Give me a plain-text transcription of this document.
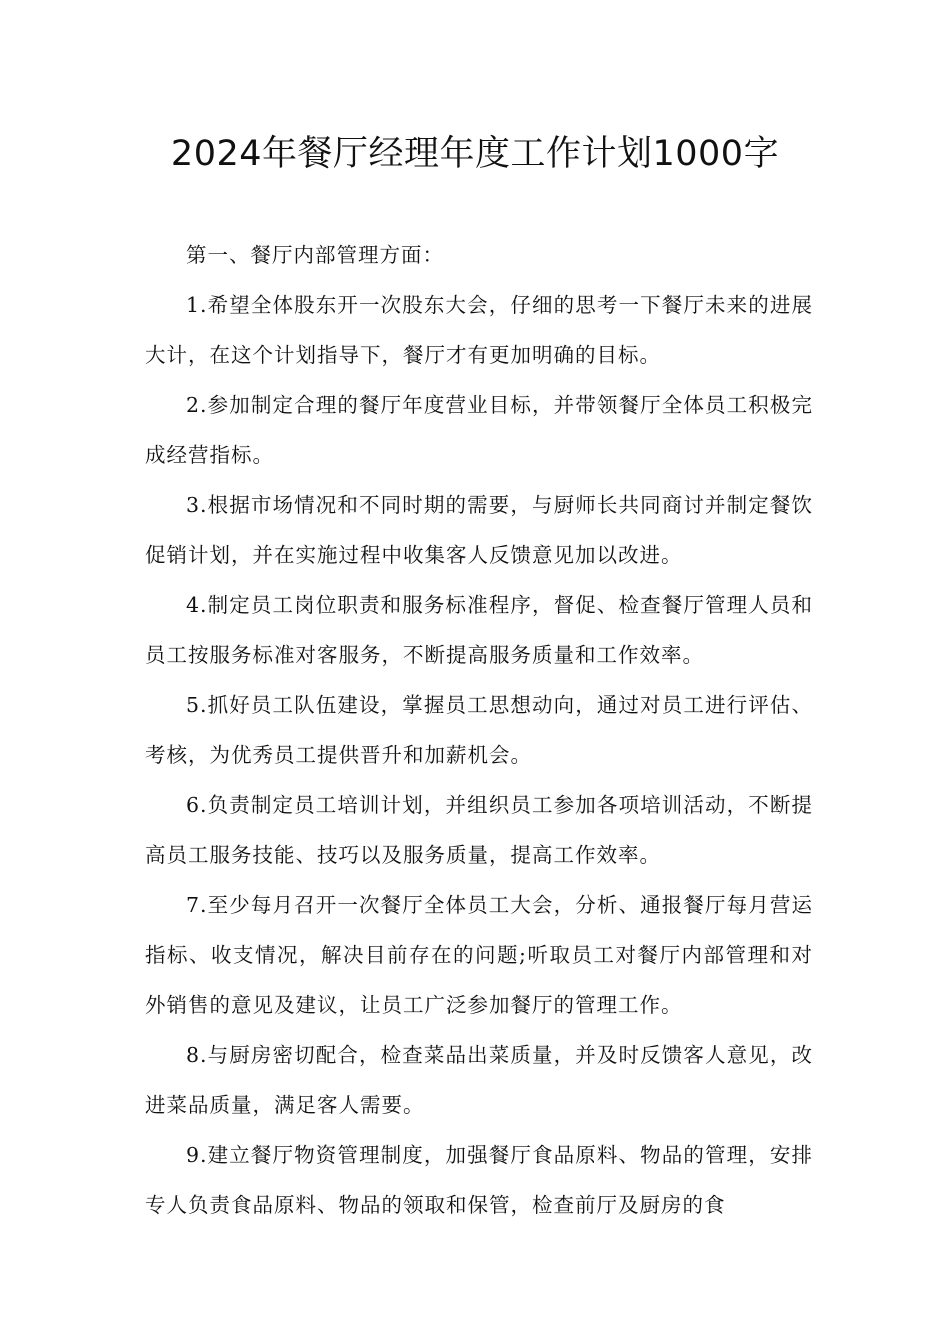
2024年餐厅经理年度工作计划1000字

第一、餐厅内部管理方面：

1.希望全体股东开一次股东大会，仔细的思考一下餐厅未来的进展大计，在这个计划指导下，餐厅才有更加明确的目标。

2.参加制定合理的餐厅年度营业目标，并带领餐厅全体员工积极完成经营指标。

3.根据市场情况和不同时期的需要，与厨师长共同商讨并制定餐饮促销计划，并在实施过程中收集客人反馈意见加以改进。

4.制定员工岗位职责和服务标准程序，督促、检查餐厅管理人员和员工按服务标准对客服务，不断提高服务质量和工作效率。

5.抓好员工队伍建设，掌握员工思想动向，通过对员工进行评估、考核，为优秀员工提供晋升和加薪机会。

6.负责制定员工培训计划，并组织员工参加各项培训活动，不断提高员工服务技能、技巧以及服务质量，提高工作效率。

7.至少每月召开一次餐厅全体员工大会，分析、通报餐厅每月营运指标、收支情况，解决目前存在的问题;听取员工对餐厅内部管理和对外销售的意见及建议，让员工广泛参加餐厅的管理工作。

8.与厨房密切配合，检查菜品出菜质量，并及时反馈客人意见，改进菜品质量，满足客人需要。

9.建立餐厅物资管理制度，加强餐厅食品原料、物品的管理，安排专人负责食品原料、物品的领取和保管，检查前厅及厨房的食
